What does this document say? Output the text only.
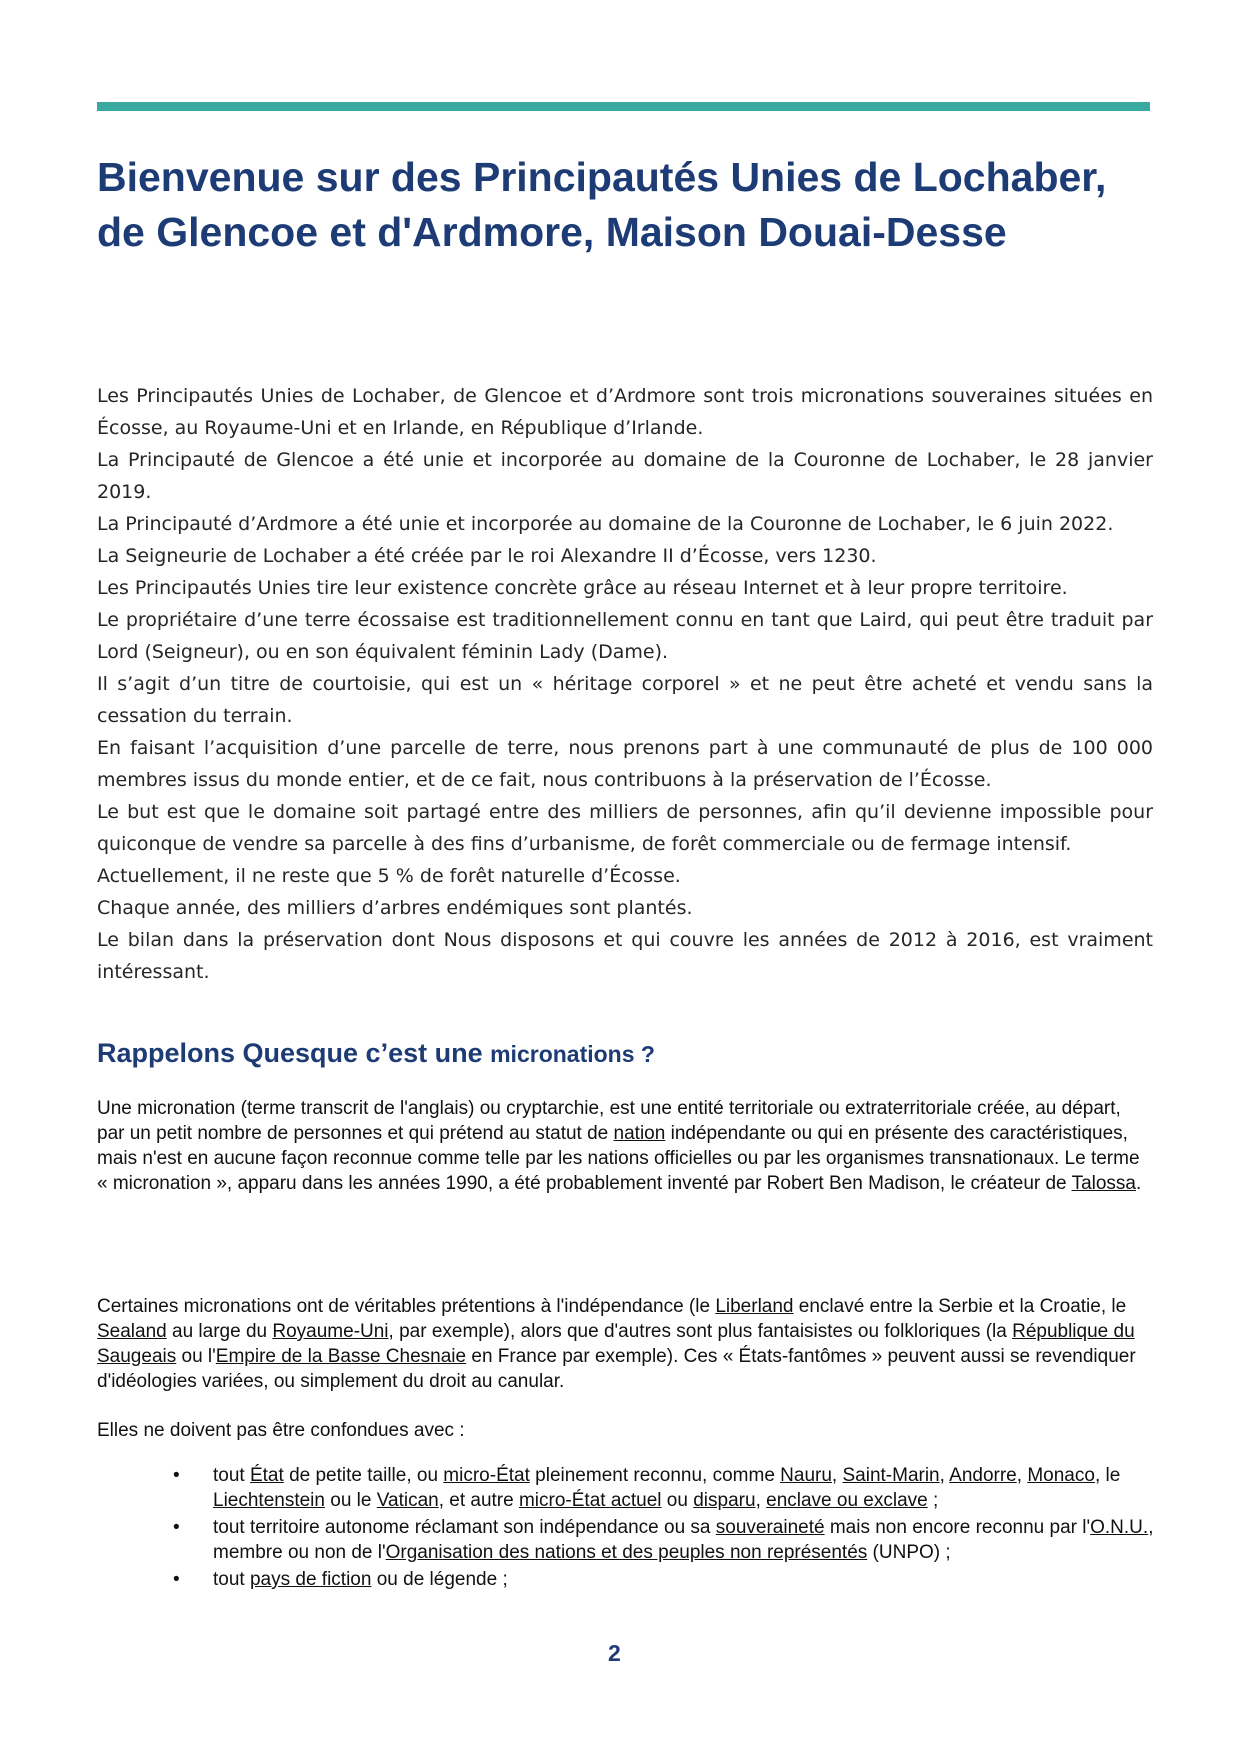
Bienvenue sur des Principautés Unies de Lochaber, de Glencoe et d'Ardmore, Maison Douai-Desse

Les Principautés Unies de Lochaber, de Glencoe et d’Ardmore sont trois micronations souveraines situées en Écosse, au Royaume-Uni et en Irlande, en République d’Irlande.

La Principauté de Glencoe a été unie et incorporée au domaine de la Couronne de Lochaber, le 28 janvier 2019.

La Principauté d’Ardmore a été unie et incorporée au domaine de la Couronne de Lochaber, le 6 juin 2022.

La Seigneurie de Lochaber a été créée par le roi Alexandre II d’Écosse, vers 1230.

Les Principautés Unies tire leur existence concrète grâce au réseau Internet et à leur propre territoire.

Le propriétaire d’une terre écossaise est traditionnellement connu en tant que Laird, qui peut être traduit par Lord (Seigneur), ou en son équivalent féminin Lady (Dame).

Il s’agit d’un titre de courtoisie, qui est un « héritage corporel » et ne peut être acheté et vendu sans la cessation du terrain.

En faisant l’acquisition d’une parcelle de terre, nous prenons part à une communauté de plus de 100 000 membres issus du monde entier, et de ce fait, nous contribuons à la préservation de l’Écosse.

Le but est que le domaine soit partagé entre des milliers de personnes, afin qu’il devienne impossible pour quiconque de vendre sa parcelle à des fins d’urbanisme, de forêt commerciale ou de fermage intensif.

Actuellement, il ne reste que 5 % de forêt naturelle d’Écosse.

Chaque année, des milliers d’arbres endémiques sont plantés.

Le bilan dans la préservation dont Nous disposons et qui couvre les années de 2012 à 2016, est vraiment intéressant.

Rappelons Quesque c’est une micronations ?

Une micronation (terme transcrit de l'anglais) ou cryptarchie, est une entité territoriale ou extraterritoriale créée, au départ, par un petit nombre de personnes et qui prétend au statut de nation indépendante ou qui en présente des caractéristiques, mais n'est en aucune façon reconnue comme telle par les nations officielles ou par les organismes transnationaux. Le terme « micronation », apparu dans les années 1990, a été probablement inventé par Robert Ben Madison, le créateur de Talossa.

Certaines micronations ont de véritables prétentions à l'indépendance (le Liberland enclavé entre la Serbie et la Croatie, le Sealand au large du Royaume-Uni, par exemple), alors que d'autres sont plus fantaisistes ou folkloriques (la République du Saugeais ou l'Empire de la Basse Chesnaie en France par exemple). Ces « États-fantômes » peuvent aussi se revendiquer d'idéologies variées, ou simplement du droit au canular.

Elles ne doivent pas être confondues avec :

• tout État de petite taille, ou micro-État pleinement reconnu, comme Nauru, Saint-Marin, Andorre, Monaco, le Liechtenstein ou le Vatican, et autre micro-État actuel ou disparu, enclave ou exclave ;
• tout territoire autonome réclamant son indépendance ou sa souveraineté mais non encore reconnu par l'O.N.U., membre ou non de l'Organisation des nations et des peuples non représentés (UNPO) ;
• tout pays de fiction ou de légende ;
2
